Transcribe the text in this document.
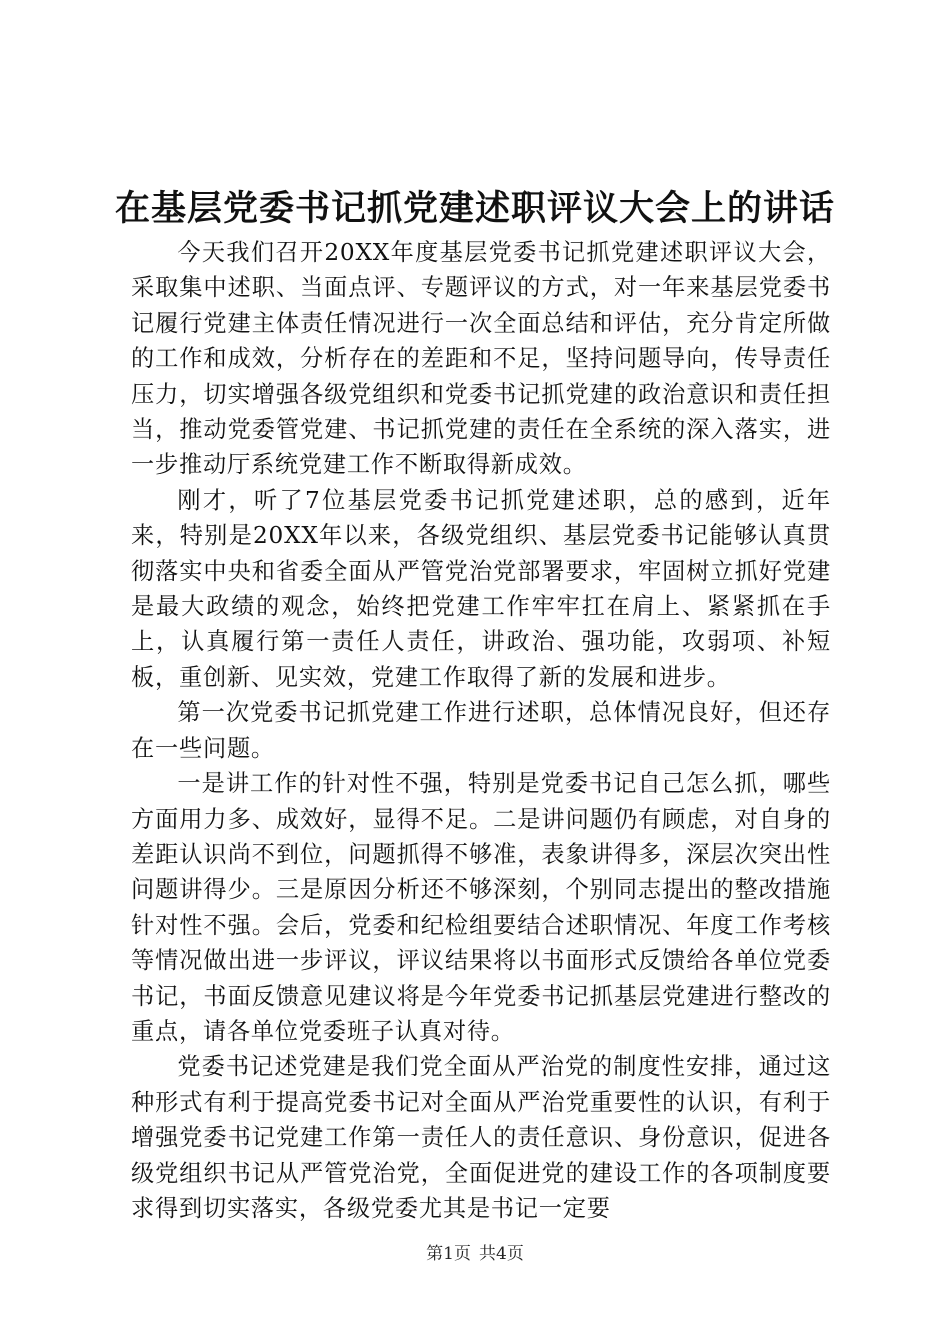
在基层党委书记抓党建述职评议大会上的讲话

今天我们召开20XX年度基层党委书记抓党建述职评议大会，采取集中述职、当面点评、专题评议的方式，对一年来基层党委书记履行党建主体责任情况进行一次全面总结和评估，充分肯定所做的工作和成效，分析存在的差距和不足，坚持问题导向，传导责任压力，切实增强各级党组织和党委书记抓党建的政治意识和责任担当，推动党委管党建、书记抓党建的责任在全系统的深入落实，进一步推动厅系统党建工作不断取得新成效。

刚才，听了7位基层党委书记抓党建述职，总的感到，近年来，特别是20XX年以来，各级党组织、基层党委书记能够认真贯彻落实中央和省委全面从严管党治党部署要求，牢固树立抓好党建是最大政绩的观念，始终把党建工作牢牢扛在肩上、紧紧抓在手上，认真履行第一责任人责任，讲政治、强功能，攻弱项、补短板，重创新、见实效，党建工作取得了新的发展和进步。

第一次党委书记抓党建工作进行述职，总体情况良好，但还存在一些问题。

一是讲工作的针对性不强，特别是党委书记自己怎么抓，哪些方面用力多、成效好，显得不足。二是讲问题仍有顾虑，对自身的差距认识尚不到位，问题抓得不够准，表象讲得多，深层次突出性问题讲得少。三是原因分析还不够深刻，个别同志提出的整改措施针对性不强。会后，党委和纪检组要结合述职情况、年度工作考核等情况做出进一步评议，评议结果将以书面形式反馈给各单位党委书记，书面反馈意见建议将是今年党委书记抓基层党建进行整改的重点，请各单位党委班子认真对待。

党委书记述党建是我们党全面从严治党的制度性安排，通过这种形式有利于提高党委书记对全面从严治党重要性的认识，有利于增强党委书记党建工作第一责任人的责任意识、身份意识，促进各级党组织书记从严管党治党，全面促进党的建设工作的各项制度要求得到切实落实，各级党委尤其是书记一定要

第1页 共4页
